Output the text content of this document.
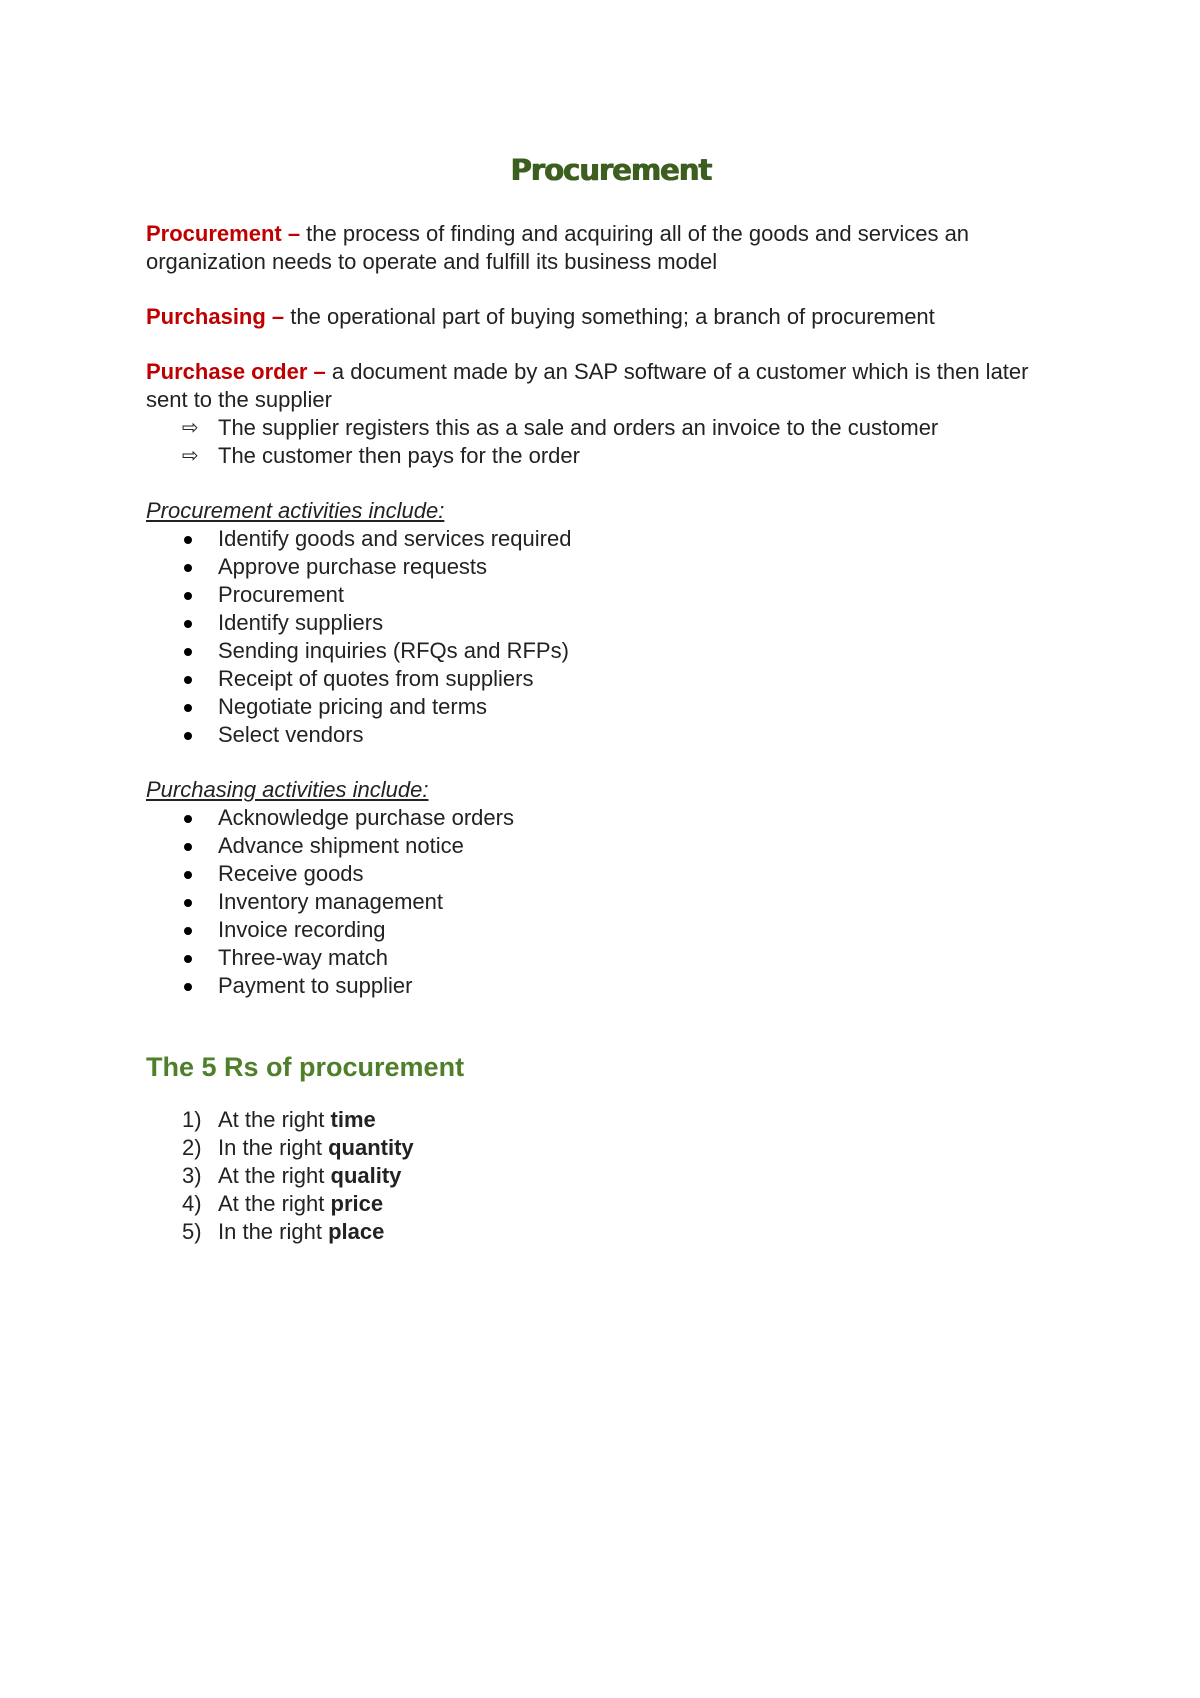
Procurement

Procurement – the process of finding and acquiring all of the goods and services an organization needs to operate and fulfill its business model

Purchasing – the operational part of buying something; a branch of procurement

Purchase order – a document made by an SAP software of a customer which is then later sent to the supplier

⇨ The supplier registers this as a sale and orders an invoice to the customer
⇨ The customer then pays for the order

Procurement activities include:

Identify goods and services required
Approve purchase requests
Procurement
Identify suppliers
Sending inquiries (RFQs and RFPs)
Receipt of quotes from suppliers
Negotiate pricing and terms
Select vendors

Purchasing activities include:

Acknowledge purchase orders
Advance shipment notice
Receive goods
Inventory management
Invoice recording
Three-way match
Payment to supplier
The 5 Rs of procurement
1) At the right time
2) In the right quantity
3) At the right quality
4) At the right price
5) In the right place
